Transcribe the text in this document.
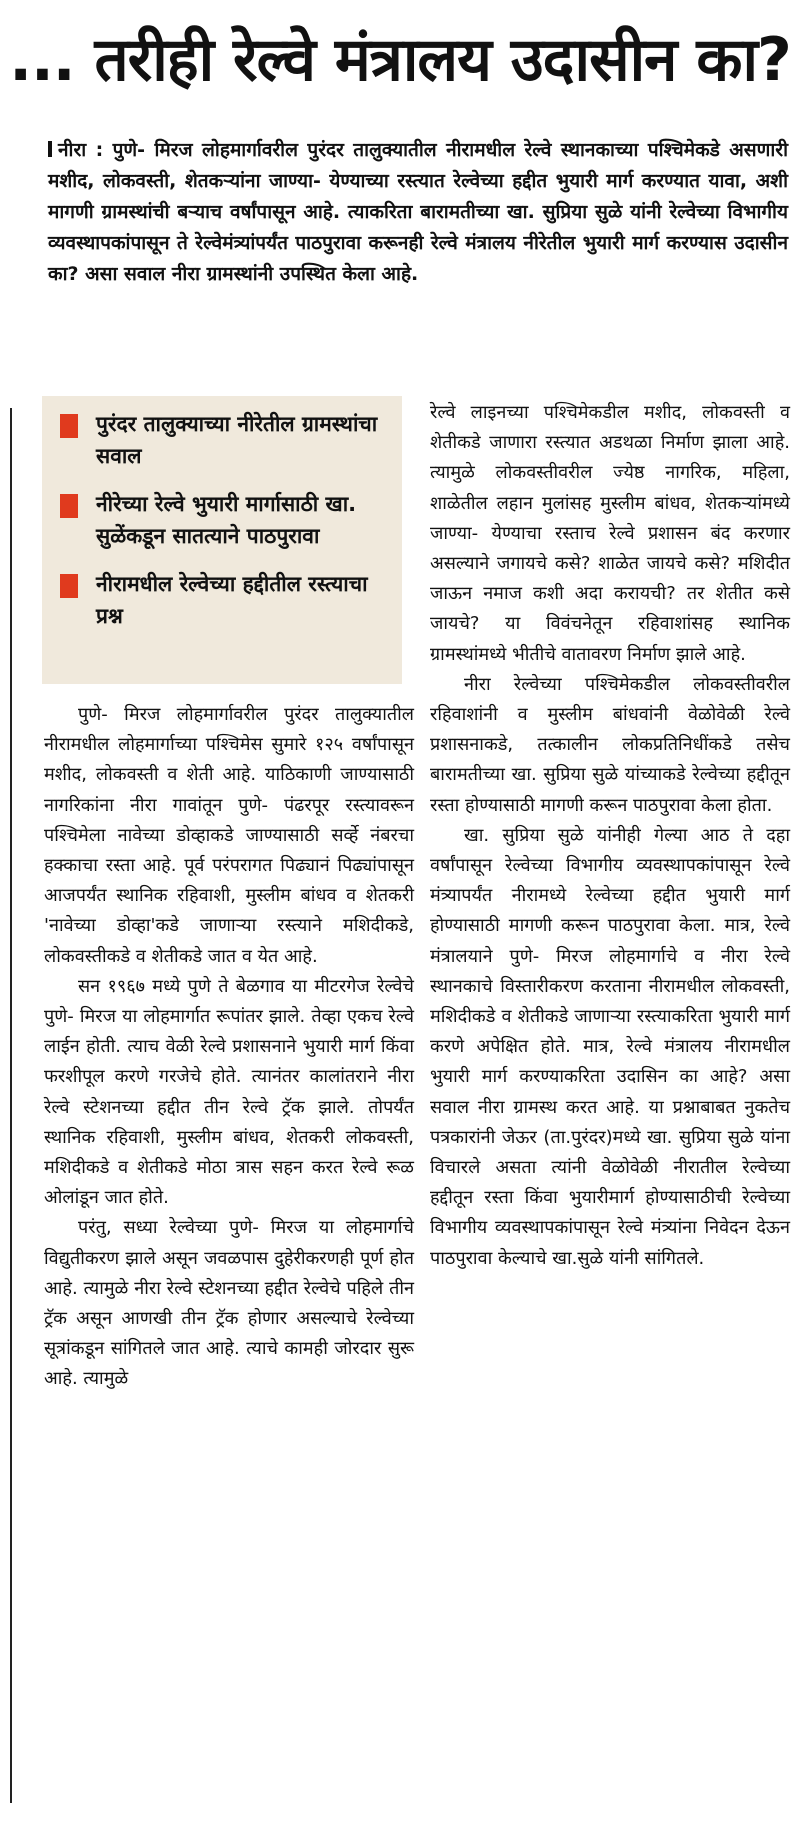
... तरीही रेल्वे मंत्रालय उदासीन का?
नीरा : पुणे- मिरज लोहमार्गावरील पुरंदर तालुक्यातील नीरामधील रेल्वे स्थानकाच्या पश्चिमेकडे असणारी मशीद, लोकवस्ती, शेतकऱ्यांना जाण्या- येण्याच्या रस्त्यात रेल्वेच्या हद्दीत भुयारी मार्ग करण्यात यावा, अशी मागणी ग्रामस्थांची बऱ्याच वर्षांपासून आहे. त्याकरिता बारामतीच्या खा. सुप्रिया सुळे यांनी रेल्वेच्या विभागीय व्यवस्थापकांपासून ते रेल्वेमंत्र्यांपर्यंत पाठपुरावा करूनही रेल्वे मंत्रालय नीरेतील भुयारी मार्ग करण्यास उदासीन का? असा सवाल नीरा ग्रामस्थांनी उपस्थित केला आहे.
पुरंदर तालुक्याच्या नीरेतील ग्रामस्थांचा सवाल
नीरेच्या रेल्वे भुयारी मार्गासाठी खा. सुळेंकडून सातत्याने पाठपुरावा
नीरामधील रेल्वेच्या हद्दीतील रस्त्याचा प्रश्न

पुणे- मिरज लोहमार्गावरील पुरंदर तालुक्यातील नीरामधील लोहमार्गाच्या पश्चिमेस सुमारे १२५ वर्षांपासून मशीद, लोकवस्ती व शेती आहे. याठिकाणी जाण्यासाठी नागरिकांना नीरा गावांतून पुणे- पंढरपूर रस्त्यावरून पश्चिमेला नावेच्या डोव्हाकडे जाण्यासाठी सर्व्हे नंबरचा हक्काचा रस्ता आहे. पूर्व परंपरागत पिढ्यानं पिढ्यांपासून आजपर्यंत स्थानिक रहिवाशी, मुस्लीम बांधव व शेतकरी 'नावेच्या डोव्हा'कडे जाणाऱ्या रस्त्याने मशिदीकडे, लोकवस्तीकडे व शेतीकडे जात व येत आहे.

सन १९६७ मध्ये पुणे ते बेळगाव या मीटरगेज रेल्वेचे पुणे- मिरज या लोहमार्गात रूपांतर झाले. तेव्हा एकच रेल्वे लाईन होती. त्याच वेळी रेल्वे प्रशासनाने भुयारी मार्ग किंवा फरशीपूल करणे गरजेचे होते. त्यानंतर कालांतराने नीरा रेल्वे स्टेशनच्या हद्दीत तीन रेल्वे ट्रॅक झाले. तोपर्यंत स्थानिक रहिवाशी, मुस्लीम बांधव, शेतकरी लोकवस्ती, मशिदीकडे व शेतीकडे मोठा त्रास सहन करत रेल्वे रूळ ओलांडून जात होते.

परंतु, सध्या रेल्वेच्या पुणे- मिरज या लोहमार्गाचे विद्युतीकरण झाले असून जवळपास दुहेरीकरणही पूर्ण होत आहे. त्यामुळे नीरा रेल्वे स्टेशनच्या हद्दीत रेल्वेचे पहिले तीन ट्रॅक असून आणखी तीन ट्रॅक होणार असल्याचे रेल्वेच्या सूत्रांकडून सांगितले जात आहे. त्याचे कामही जोरदार सुरू आहे. त्यामुळे

रेल्वे लाइनच्या पश्चिमेकडील मशीद, लोकवस्ती व शेतीकडे जाणारा रस्त्यात अडथळा निर्माण झाला आहे. त्यामुळे लोकवस्तीवरील ज्येष्ठ नागरिक, महिला, शाळेतील लहान मुलांसह मुस्लीम बांधव, शेतकऱ्यांमध्ये जाण्या- येण्याचा रस्ताच रेल्वे प्रशासन बंद करणार असल्याने जगायचे कसे? शाळेत जायचे कसे? मशिदीत जाऊन नमाज कशी अदा करायची? तर शेतीत कसे जायचे? या विवंचनेतून रहिवाशांसह स्थानिक ग्रामस्थांमध्ये भीतीचे वातावरण निर्माण झाले आहे.

नीरा रेल्वेच्या पश्चिमेकडील लोकवस्तीवरील रहिवाशांनी व मुस्लीम बांधवांनी वेळोवेळी रेल्वे प्रशासनाकडे, तत्कालीन लोकप्रतिनिधींकडे तसेच बारामतीच्या खा. सुप्रिया सुळे यांच्याकडे रेल्वेच्या हद्दीतून रस्ता होण्यासाठी मागणी करून पाठपुरावा केला होता.

खा. सुप्रिया सुळे यांनीही गेल्या आठ ते दहा वर्षांपासून रेल्वेच्या विभागीय व्यवस्थापकांपासून रेल्वे मंत्र्यापर्यंत नीरामध्ये रेल्वेच्या हद्दीत भुयारी मार्ग होण्यासाठी मागणी करून पाठपुरावा केला. मात्र, रेल्वे मंत्रालयाने पुणे- मिरज लोहमार्गाचे व नीरा रेल्वे स्थानकाचे विस्तारीकरण करताना नीरामधील लोकवस्ती, मशिदीकडे व शेतीकडे जाणाऱ्या रस्त्याकरिता भुयारी मार्ग करणे अपेक्षित होते. मात्र, रेल्वे मंत्रालय नीरामधील भुयारी मार्ग करण्याकरिता उदासिन का आहे? असा सवाल नीरा ग्रामस्थ करत आहे. या प्रश्नाबाबत नुकतेच पत्रकारांनी जेऊर (ता.पुरंदर)मध्ये खा. सुप्रिया सुळे यांना विचारले असता त्यांनी वेळोवेळी नीरातील रेल्वेच्या हद्दीतून रस्ता किंवा भुयारीमार्ग होण्यासाठीची रेल्वेच्या विभागीय व्यवस्थापकांपासून रेल्वे मंत्र्यांना निवेदन देऊन पाठपुरावा केल्याचे खा.सुळे यांनी सांगितले.
